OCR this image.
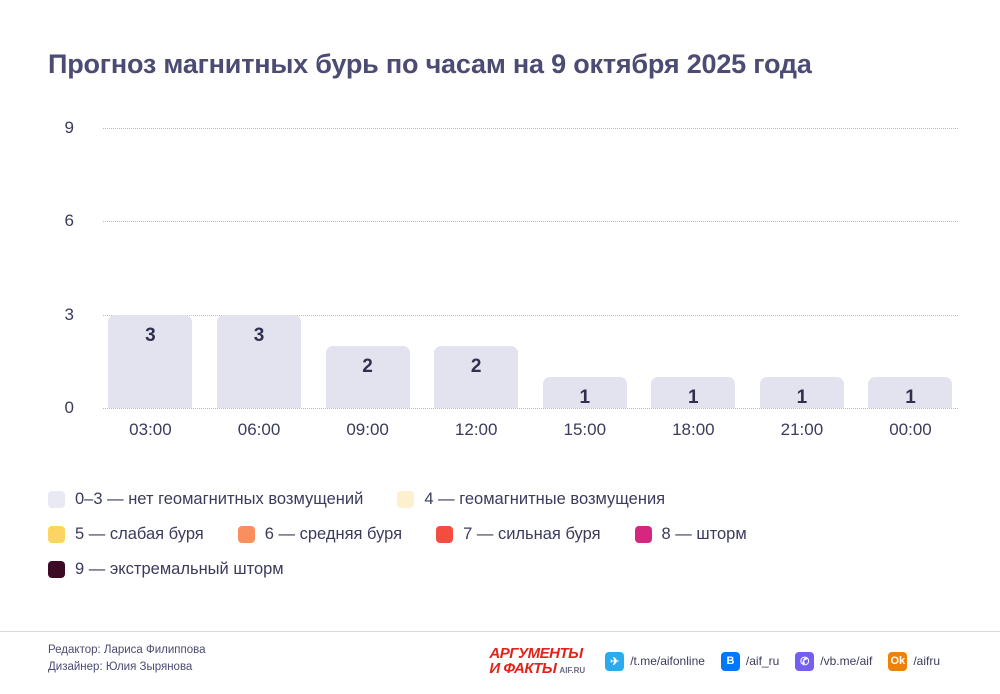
Прогноз магнитных бурь по часам на 9 октября 2025 года
0
3
6
9
3	3
2	2
1	1	1	1
03:00	06:00	09:00	12:00	15:00	18:00	21:00	00:00
0–3 — нет геомагнитных возмущений	4 — геомагнитные возмущения
5 — слабая буря	6 — средняя буря	7 — сильная буря	8 — шторм
9 — экстремальный шторм
Редактор: Лариса Филиппова
Дизайнер: Юлия Зырянова
АРГУМЕНТЫ
И ФАКТЫ AIF.RU
✈ /t.me/aifonline	B /aif_ru	✆ /vb.me/aif Ok /aifru
